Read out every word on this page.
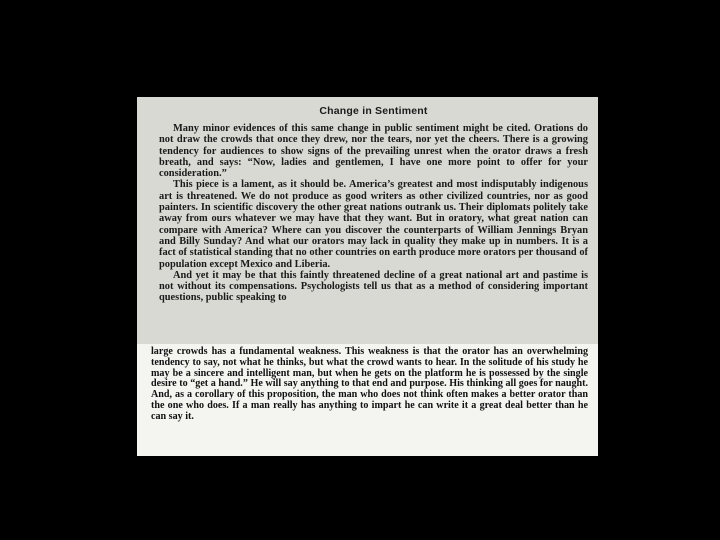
Change in Sentiment

Many minor evidences of this same change in public sentiment might be cited. Orations do not draw the crowds that once they drew, nor the tears, nor yet the cheers. There is a growing tendency for audiences to show signs of the prevailing unrest when the orator draws a fresh breath, and says: “Now, ladies and gentlemen, I have one more point to offer for your consideration.”

This piece is a lament, as it should be. America’s greatest and most indisputably indigenous art is threatened. We do not produce as good writers as other civilized countries, nor as good painters. In scientific discovery the other great nations outrank us. Their diplomats politely take away from ours whatever we may have that they want. But in oratory, what great nation can compare with America? Where can you discover the counterparts of William Jennings Bryan and Billy Sunday? And what our orators may lack in quality they make up in numbers. It is a fact of statistical standing that no other countries on earth produce more orators per thousand of population except Mexico and Liberia.

And yet it may be that this faintly threatened decline of a great national art and pastime is not without its compensations. Psychologists tell us that as a method of considering important questions, public speaking to

large crowds has a fundamental weakness. This weakness is that the orator has an overwhelming tendency to say, not what he thinks, but what the crowd wants to hear. In the solitude of his study he may be a sincere and intelligent man, but when he gets on the platform he is possessed by the single desire to “get a hand.” He will say anything to that end and purpose. His thinking all goes for naught. And, as a corollary of this proposition, the man who does not think often makes a better orator than the one who does. If a man really has anything to impart he can write it a great deal better than he can say it.
